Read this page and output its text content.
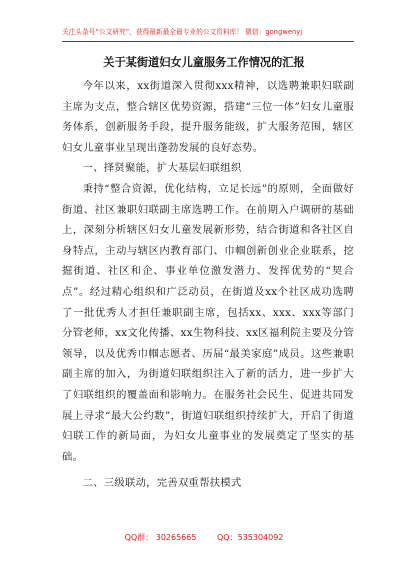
关注头条号“公文研究”，获得最新最全最专业的公文资料库！ 微信：gongwenyj
关于某街道妇女儿童服务工作情况的汇报

今年以来，xx街道深入贯彻xxx精神，以选聘兼职妇联副主席为支点，整合辖区优势资源，搭建“三位一体”妇女儿童服务体系，创新服务手段，提升服务能级，扩大服务范围，辖区妇女儿童事业呈现出蓬勃发展的良好态势。

一、择贤聚能，扩大基层妇联组织

秉持“整合资源，优化结构，立足长远”的原则，全面做好街道、社区兼职妇联副主席选聘工作。在前期入户调研的基础上，深刻分析辖区妇女儿童发展新形势，结合街道和各社区自身特点，主动与辖区内教育部门、巾帼创新创业企业联系，挖掘街道、社区和企、事业单位激发潜力、发挥优势的“契合点”。经过精心组织和广泛动员，在街道及xx个社区成功选聘了一批优秀人才担任兼职副主席，包括xx、xxx、xxx等部门分管老师，xx文化传播、xx生物科技、xx区福利院主要及分管领导，以及优秀巾帼志愿者、历届“最美家庭”成员。这些兼职副主席的加入，为街道妇联组织注入了新的活力，进一步扩大了妇联组织的覆盖面和影响力。在服务社会民生、促进共同发展上寻求“最大公约数”，街道妇联组织持续扩大，开启了街道妇联工作的新局面，为妇女儿童事业的发展奠定了坚实的基础。

二、三级联动，完善双重帮扶模式

QQ群： 30265665	QQ：535304092
